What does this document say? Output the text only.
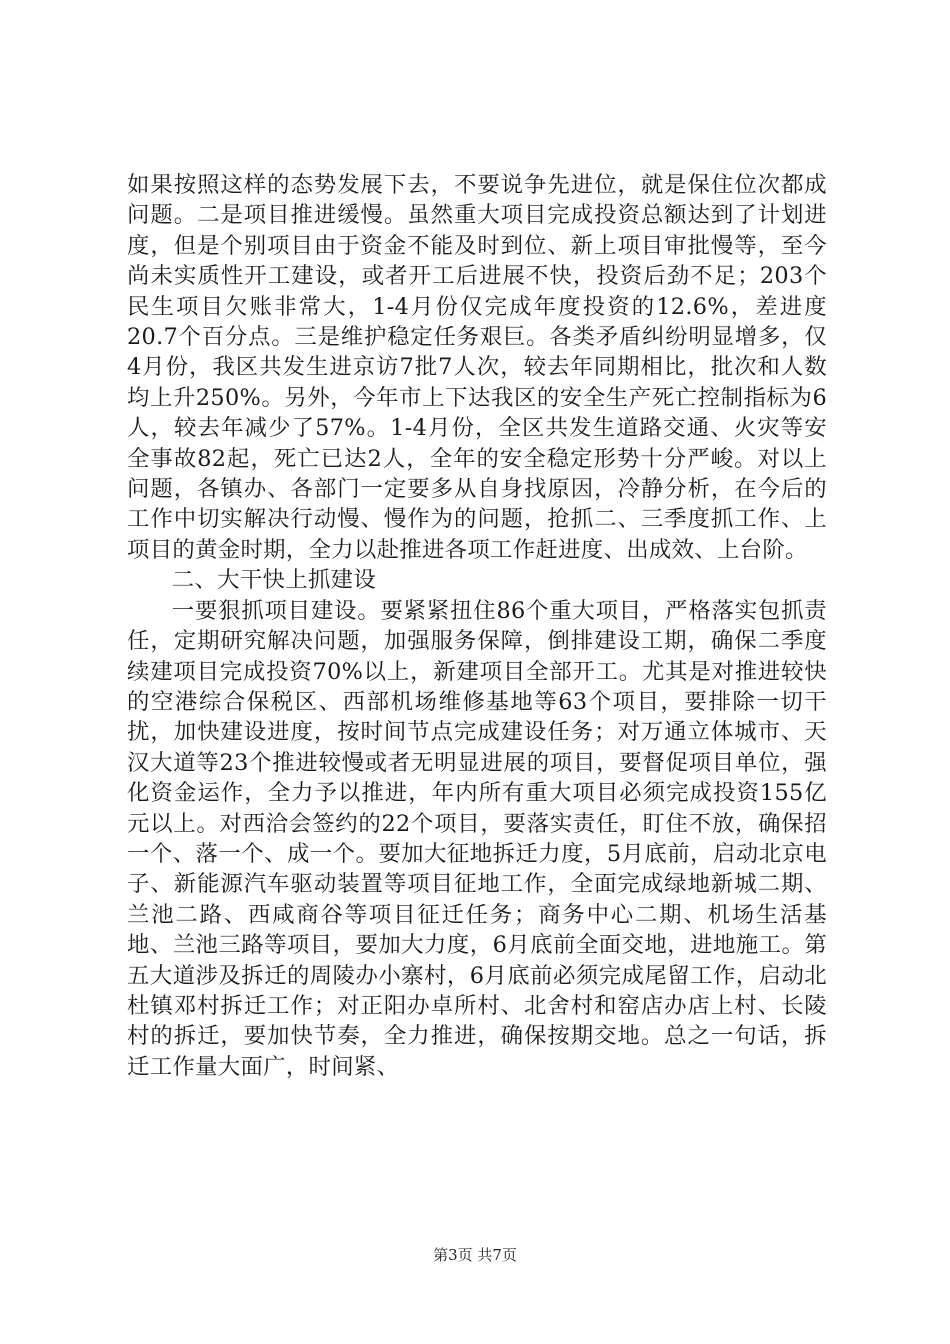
如果按照这样的态势发展下去，不要说争先进位，就是保住位次都成问题。二是项目推进缓慢。虽然重大项目完成投资总额达到了计划进度，但是个别项目由于资金不能及时到位、新上项目审批慢等，至今尚未实质性开工建设，或者开工后进展不快，投资后劲不足；203个民生项目欠账非常大，1-4月份仅完成年度投资的12.6%，差进度20.7个百分点。三是维护稳定任务艰巨。各类矛盾纠纷明显增多，仅4月份，我区共发生进京访7批7人次，较去年同期相比，批次和人数均上升250%。另外，今年市上下达我区的安全生产死亡控制指标为6人，较去年减少了57%。1-4月份，全区共发生道路交通、火灾等安全事故82起，死亡已达2人，全年的安全稳定形势十分严峻。对以上问题，各镇办、各部门一定要多从自身找原因，冷静分析，在今后的工作中切实解决行动慢、慢作为的问题，抢抓二、三季度抓工作、上项目的黄金时期，全力以赴推进各项工作赶进度、出成效、上台阶。

二、大干快上抓建设

一要狠抓项目建设。要紧紧扭住86个重大项目，严格落实包抓责任，定期研究解决问题，加强服务保障，倒排建设工期，确保二季度续建项目完成投资70%以上，新建项目全部开工。尤其是对推进较快的空港综合保税区、西部机场维修基地等63个项目，要排除一切干扰，加快建设进度，按时间节点完成建设任务；对万通立体城市、天汉大道等23个推进较慢或者无明显进展的项目，要督促项目单位，强化资金运作，全力予以推进，年内所有重大项目必须完成投资155亿元以上。对西洽会签约的22个项目，要落实责任，盯住不放，确保招一个、落一个、成一个。要加大征地拆迁力度，5月底前，启动北京电子、新能源汽车驱动装置等项目征地工作，全面完成绿地新城二期、兰池二路、西咸商谷等项目征迁任务；商务中心二期、机场生活基地、兰池三路等项目，要加大力度，6月底前全面交地，进地施工。第五大道涉及拆迁的周陵办小寨村，6月底前必须完成尾留工作，启动北杜镇邓村拆迁工作；对正阳办卓所村、北舍村和窑店办店上村、长陵村的拆迁，要加快节奏，全力推进，确保按期交地。总之一句话，拆迁工作量大面广，时间紧、

第3页 共7页
